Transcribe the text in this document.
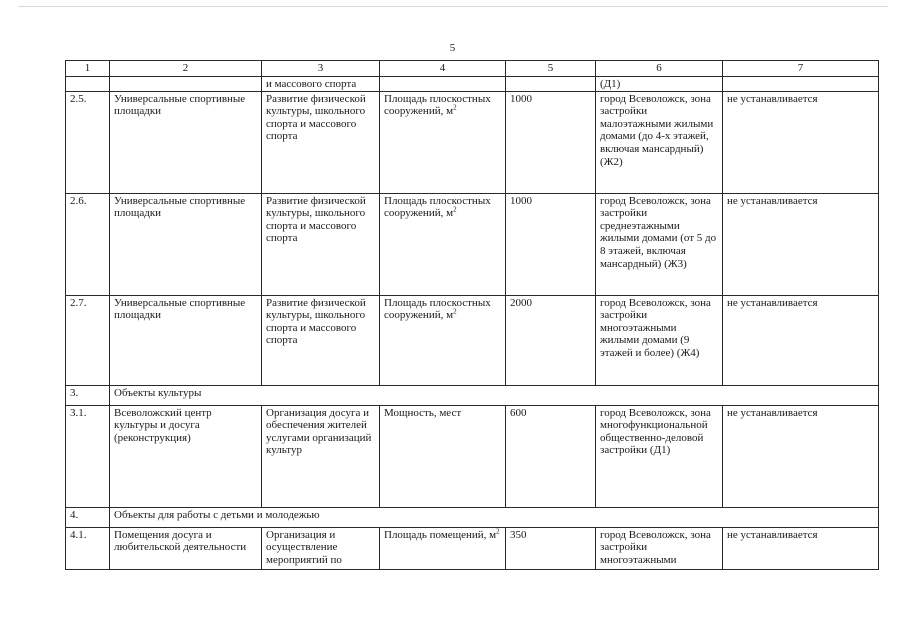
5
1	2	3	4	5	6	7
		и массового спорта			(Д1)	
2.5.	Универсальные спортивные площадки	Развитие физической культуры, школьного спорта и массового спорта	Площадь плоскостных сооружений, $м^2$	1000	город Всеволожск, зона застройки малоэтажными жилыми домами (до 4-х этажей, включая мансардный) (Ж2)	не устанавливается
2.6.	Универсальные спортивные площадки	Развитие физической культуры, школьного спорта и массового спорта	Площадь плоскостных сооружений, $м^2$	1000	город Всеволожск, зона застройки среднеэтажными жилыми домами (от 5 до 8 этажей, включая мансардный) (Ж3)	не устанавливается
2.7.	Универсальные спортивные площадки	Развитие физической культуры, школьного спорта и массового спорта	Площадь плоскостных сооружений, $м^2$	2000	город Всеволожск, зона застройки многоэтажными жилыми домами (9 этажей и более) (Ж4)	не устанавливается
3.	Объекты культуры					
3.1.	Всеволожский центр культуры и досуга (реконструкция)	Организация досуга и обеспечения жителей услугами организаций культур	Мощность, мест	600	город Всеволожск, зона многофункциональной общественно-деловой застройки (Д1)	не устанавливается
4.	Объекты для работы с детьми и молодежью					
4.1.	Помещения досуга и любительской деятельности	Организация и осуществление мероприятий по	Площадь помещений, $м^2$	350	город Всеволожск, зона застройки многоэтажными	не устанавливается
